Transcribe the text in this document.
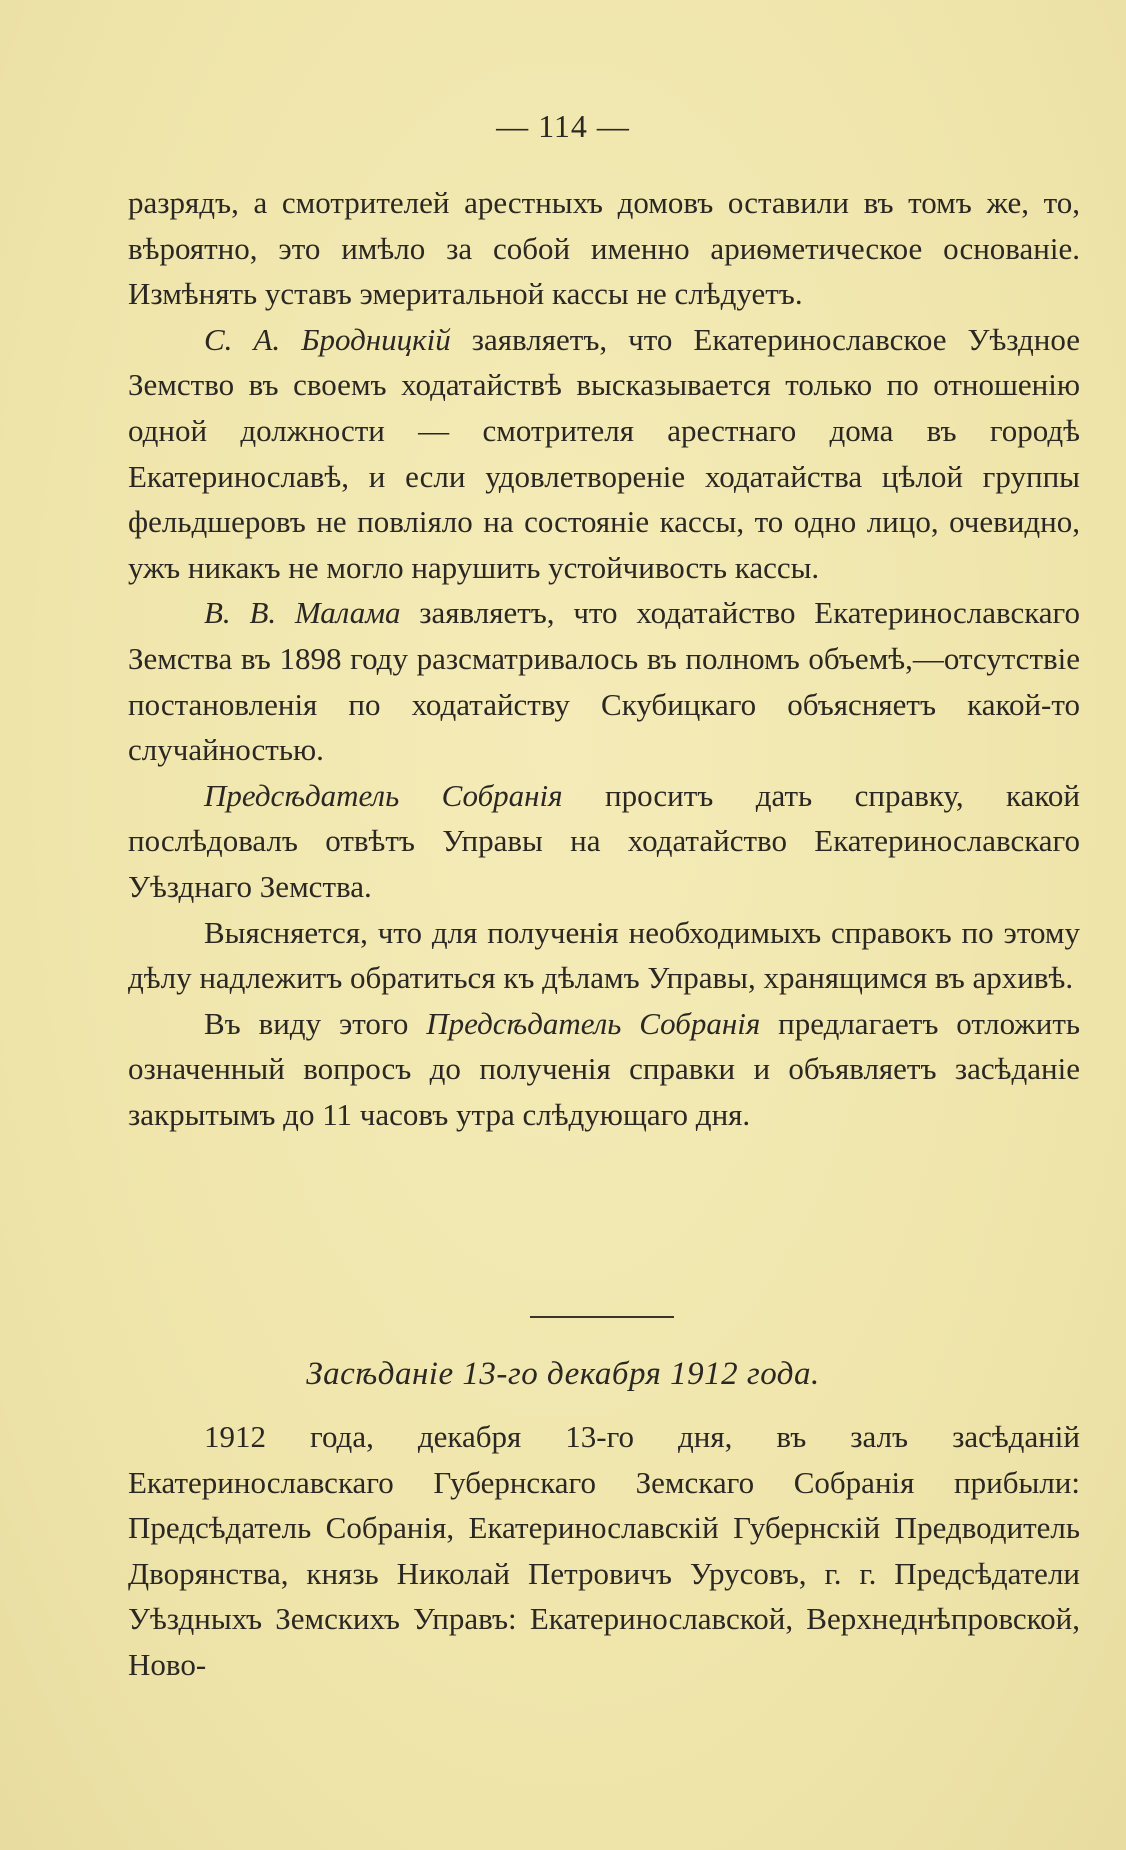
— 114 —

разрядъ, а смотрителей арестныхъ домовъ оставили въ томъ же, то, вѣроятно, это имѣло за собой именно ариѳметическое основаніе. Измѣнять уставъ эмеритальной кассы не слѣдуетъ.

С. А. Бродницкій заявляетъ, что Екатеринославское Уѣздное Земство въ своемъ ходатайствѣ высказывается только по отношенію одной должности — смотрителя арестнаго дома въ городѣ Екатеринославѣ, и если удовлетвореніе ходатайства цѣлой группы фельдшеровъ не повліяло на состояніе кассы, то одно лицо, очевидно, ужъ никакъ не могло нарушить устойчивость кассы.

В. В. Малама заявляетъ, что ходатайство Екатеринославскаго Земства въ 1898 году разсматривалось въ полномъ объемѣ,—отсутствіе постановленія по ходатайству Скубицкаго объясняетъ какой-то случайностью.

Предсѣдатель Собранія проситъ дать справку, какой послѣдовалъ отвѣтъ Управы на ходатайство Екатеринославскаго Уѣзднаго Земства.

Выясняется, что для полученія необходимыхъ справокъ по этому дѣлу надлежитъ обратиться къ дѣламъ Управы, хранящимся въ архивѣ.

Въ виду этого Предсѣдатель Собранія предлагаетъ отложить означенный вопросъ до полученія справки и объявляетъ засѣданіе закрытымъ до 11 часовъ утра слѣдующаго дня.

Засѣданіе 13-го декабря 1912 года.

1912 года, декабря 13-го дня, въ залъ засѣданій Екатеринославскаго Губернскаго Земскаго Собранія прибыли: Предсѣдатель Собранія, Екатеринославскій Губернскій Предводитель Дворянства, князь Николай Петровичъ Урусовъ, г. г. Предсѣдатели Уѣздныхъ Земскихъ Управъ: Екатеринославской, Верхнеднѣпровской, Ново-
